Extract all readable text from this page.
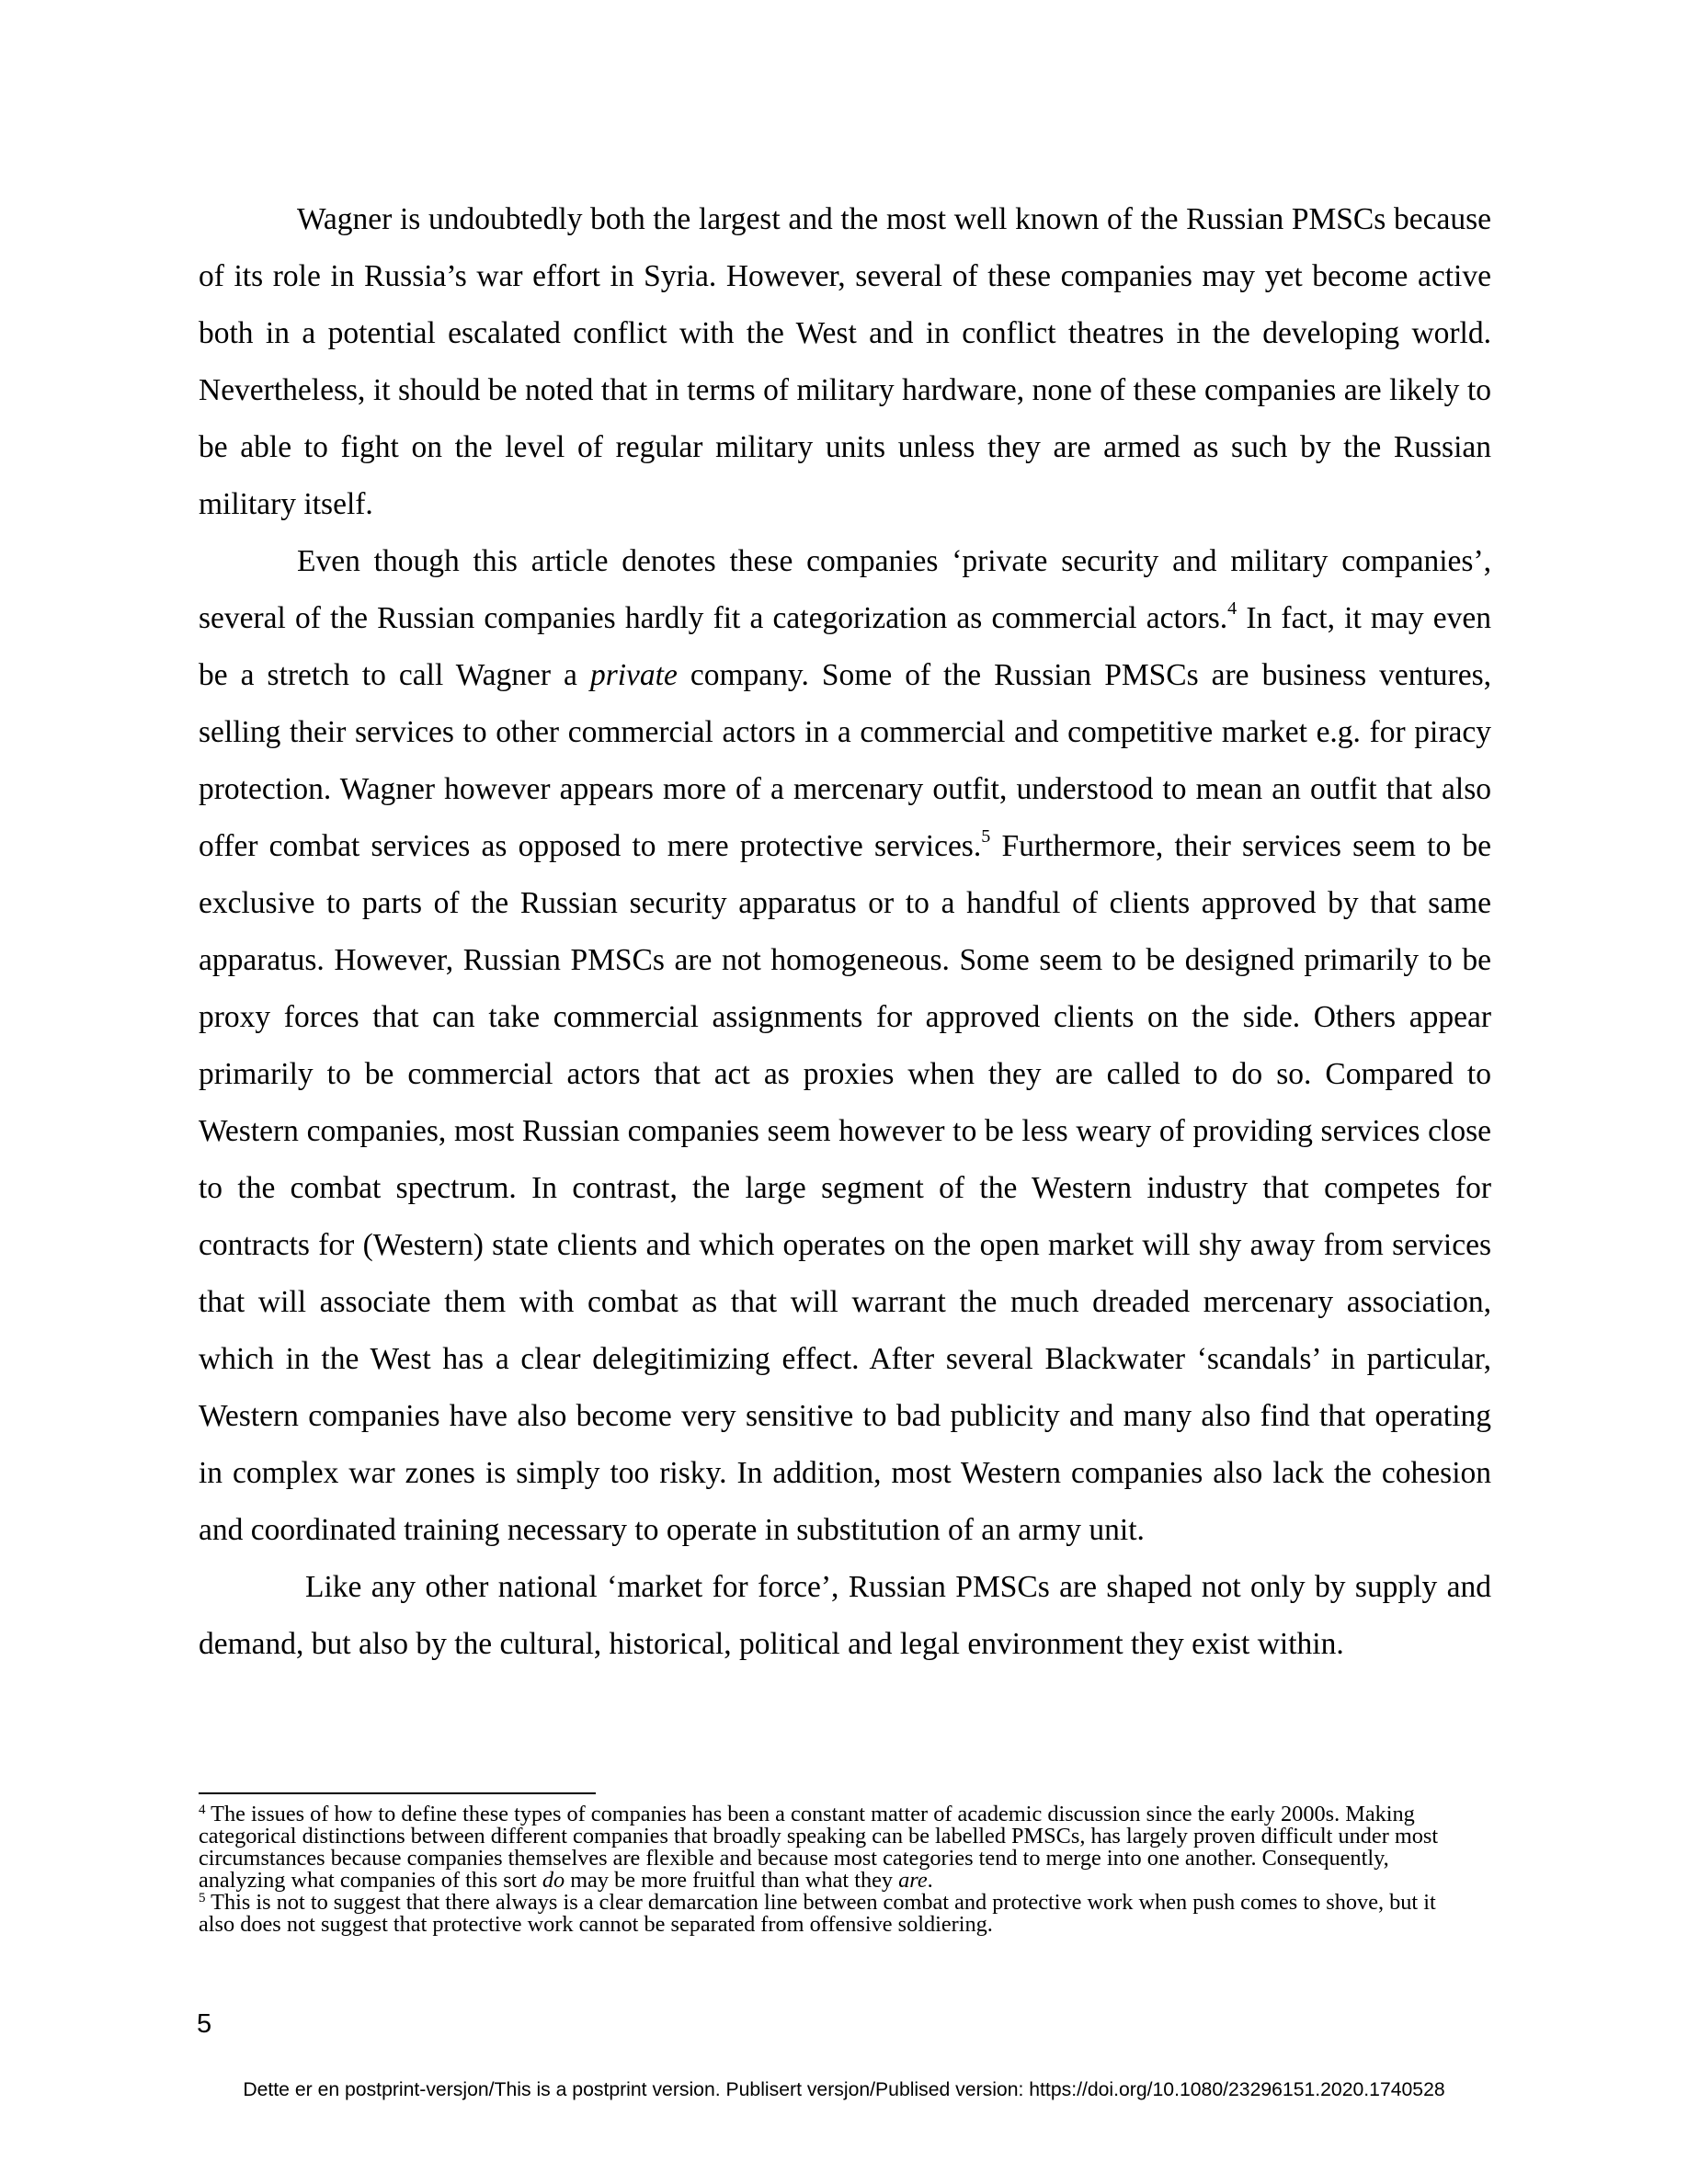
Wagner is undoubtedly both the largest and the most well known of the Russian PMSCs because of its role in Russia’s war effort in Syria. However, several of these companies may yet become active both in a potential escalated conflict with the West and in conflict theatres in the developing world. Nevertheless, it should be noted that in terms of military hardware, none of these companies are likely to be able to fight on the level of regular military units unless they are armed as such by the Russian military itself.

Even though this article denotes these companies ‘private security and military companies’, several of the Russian companies hardly fit a categorization as commercial actors.$^4$ In fact, it may even be a stretch to call Wagner a private company. Some of the Russian PMSCs are business ventures, selling their services to other commercial actors in a commercial and competitive market e.g. for piracy protection. Wagner however appears more of a mercenary outfit, understood to mean an outfit that also offer combat services as opposed to mere protective services.$^5$ Furthermore, their services seem to be exclusive to parts of the Russian security apparatus or to a handful of clients approved by that same apparatus. However, Russian PMSCs are not homogeneous. Some seem to be designed primarily to be proxy forces that can take commercial assignments for approved clients on the side. Others appear primarily to be commercial actors that act as proxies when they are called to do so. Compared to Western companies, most Russian companies seem however to be less weary of providing services close to the combat spectrum. In contrast, the large segment of the Western industry that competes for contracts for (Western) state clients and which operates on the open market will shy away from services that will associate them with combat as that will warrant the much dreaded mercenary association, which in the West has a clear delegitimizing effect. After several Blackwater ‘scandals’ in particular, Western companies have also become very sensitive to bad publicity and many also find that operating in complex war zones is simply too risky. In addition, most Western companies also lack the cohesion and coordinated training necessary to operate in substitution of an army unit.

Like any other national ‘market for force’, Russian PMSCs are shaped not only by supply and demand, but also by the cultural, historical, political and legal environment they exist within.

$^4$ The issues of how to define these types of companies has been a constant matter of academic discussion since the early 2000s. Making categorical distinctions between different companies that broadly speaking can be labelled PMSCs, has largely proven difficult under most circumstances because companies themselves are flexible and because most categories tend to merge into one another. Consequently, analyzing what companies of this sort do may be more fruitful than what they are.

$^5$ This is not to suggest that there always is a clear demarcation line between combat and protective work when push comes to shove, but it also does not suggest that protective work cannot be separated from offensive soldiering.

5
Dette er en postprint-versjon/This is a postprint version. Publisert versjon/Publised version: https://doi.org/10.1080/23296151.2020.1740528
